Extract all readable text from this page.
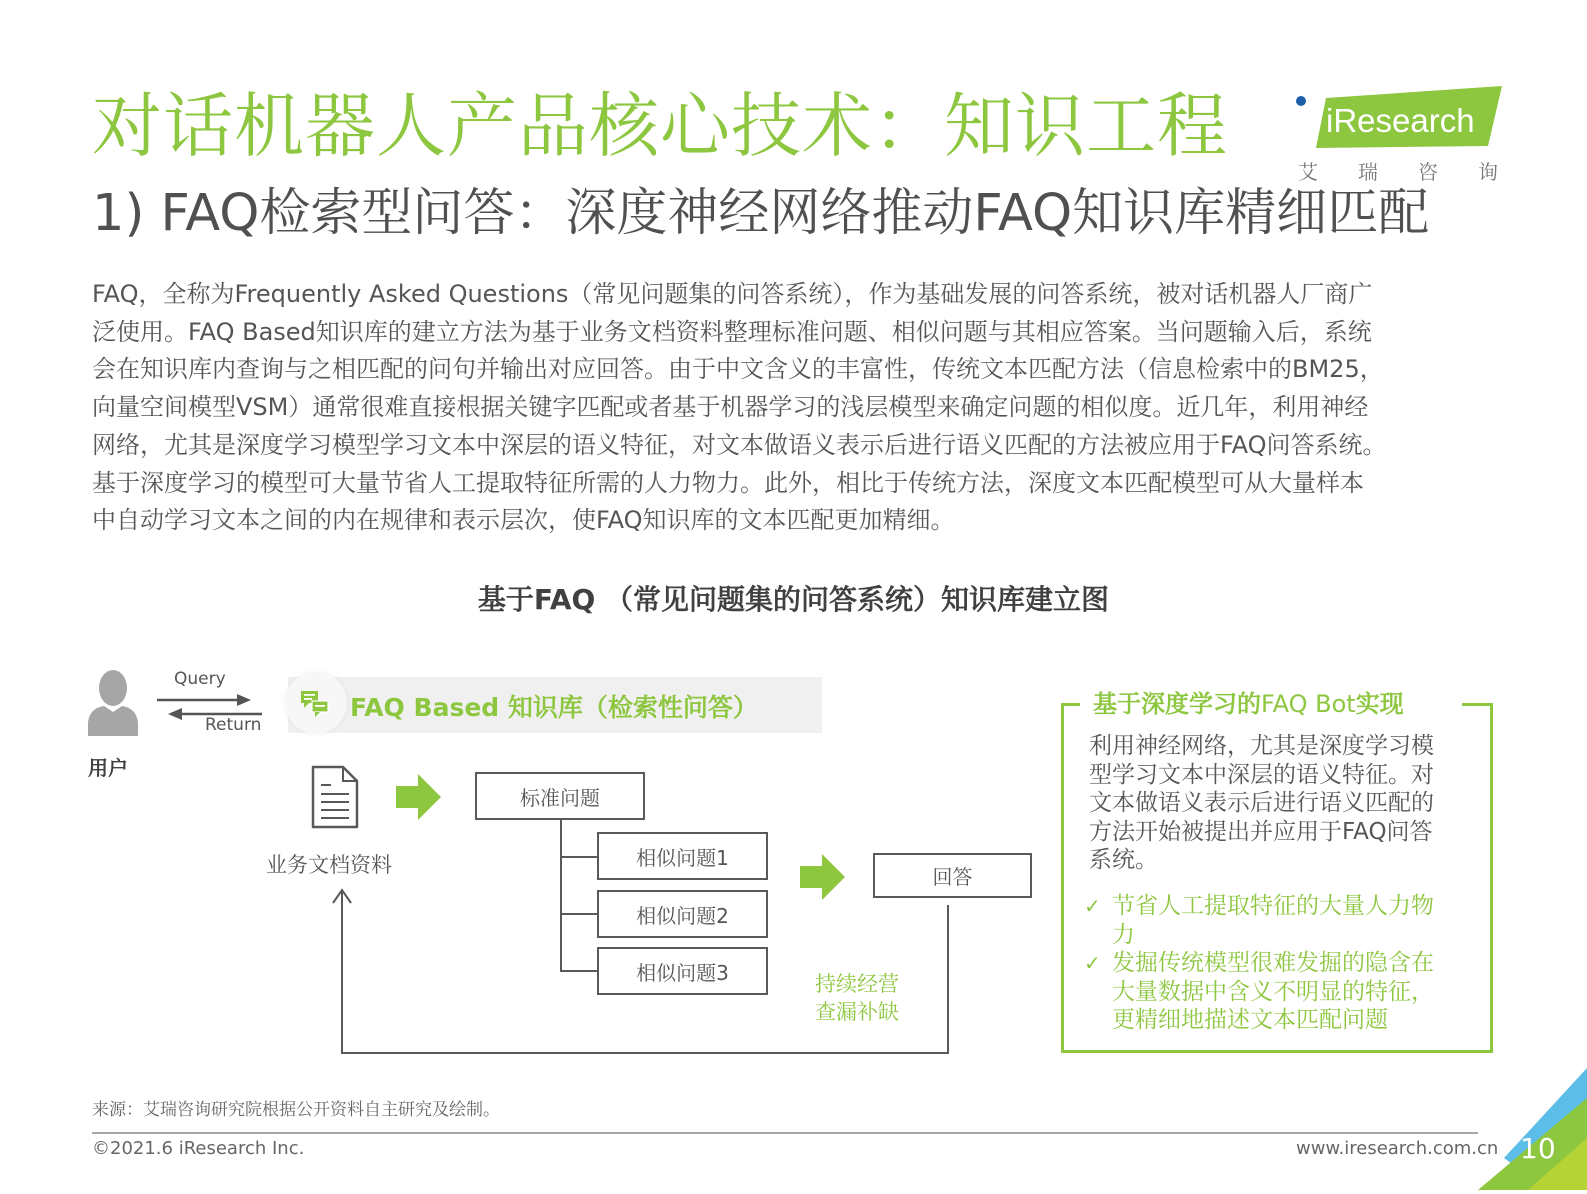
对话机器人产品核心技术：知识工程
1) FAQ检索型问答：深度神经网络推动FAQ知识库精细匹配
iResearch
艾 瑞 咨 询
FAQ，全称为Frequently Asked Questions（常见问题集的问答系统），作为基础发展的问答系统，被对话机器人厂商广
泛使用。FAQ Based知识库的建立方法为基于业务文档资料整理标准问题、相似问题与其相应答案。当问题输入后，系统
会在知识库内查询与之相匹配的问句并输出对应回答。由于中文含义的丰富性，传统文本匹配方法（信息检索中的BM25，
向量空间模型VSM）通常很难直接根据关键字匹配或者基于机器学习的浅层模型来确定问题的相似度。近几年，利用神经
网络，尤其是深度学习模型学习文本中深层的语义特征，对文本做语义表示后进行语义匹配的方法被应用于FAQ问答系统。
基于深度学习的模型可大量节省人工提取特征所需的人力物力。此外，相比于传统方法，深度文本匹配模型可从大量样本
中自动学习文本之间的内在规律和表示层次，使FAQ知识库的文本匹配更加精细。
基于FAQ （常见问题集的问答系统）知识库建立图
用户
Query
Return
FAQ Based 知识库（检索性问答）
业务文档资料
标准问题
相似问题1
相似问题2
相似问题3
回答
持续经营
查漏补缺
基于深度学习的FAQ Bot实现
利用神经网络，尤其是深度学习模
型学习文本中深层的语义特征。对
文本做语义表示后进行语义匹配的
方法开始被提出并应用于FAQ问答
系统。
✓ 节省人工提取特征的大量人力物
力
✓ 发掘传统模型很难发掘的隐含在
大量数据中含义不明显的特征，
更精细地描述文本匹配问题
来源：艾瑞咨询研究院根据公开资料自主研究及绘制。
©2021.6 iResearch Inc.	www.iresearch.com.cn 10
